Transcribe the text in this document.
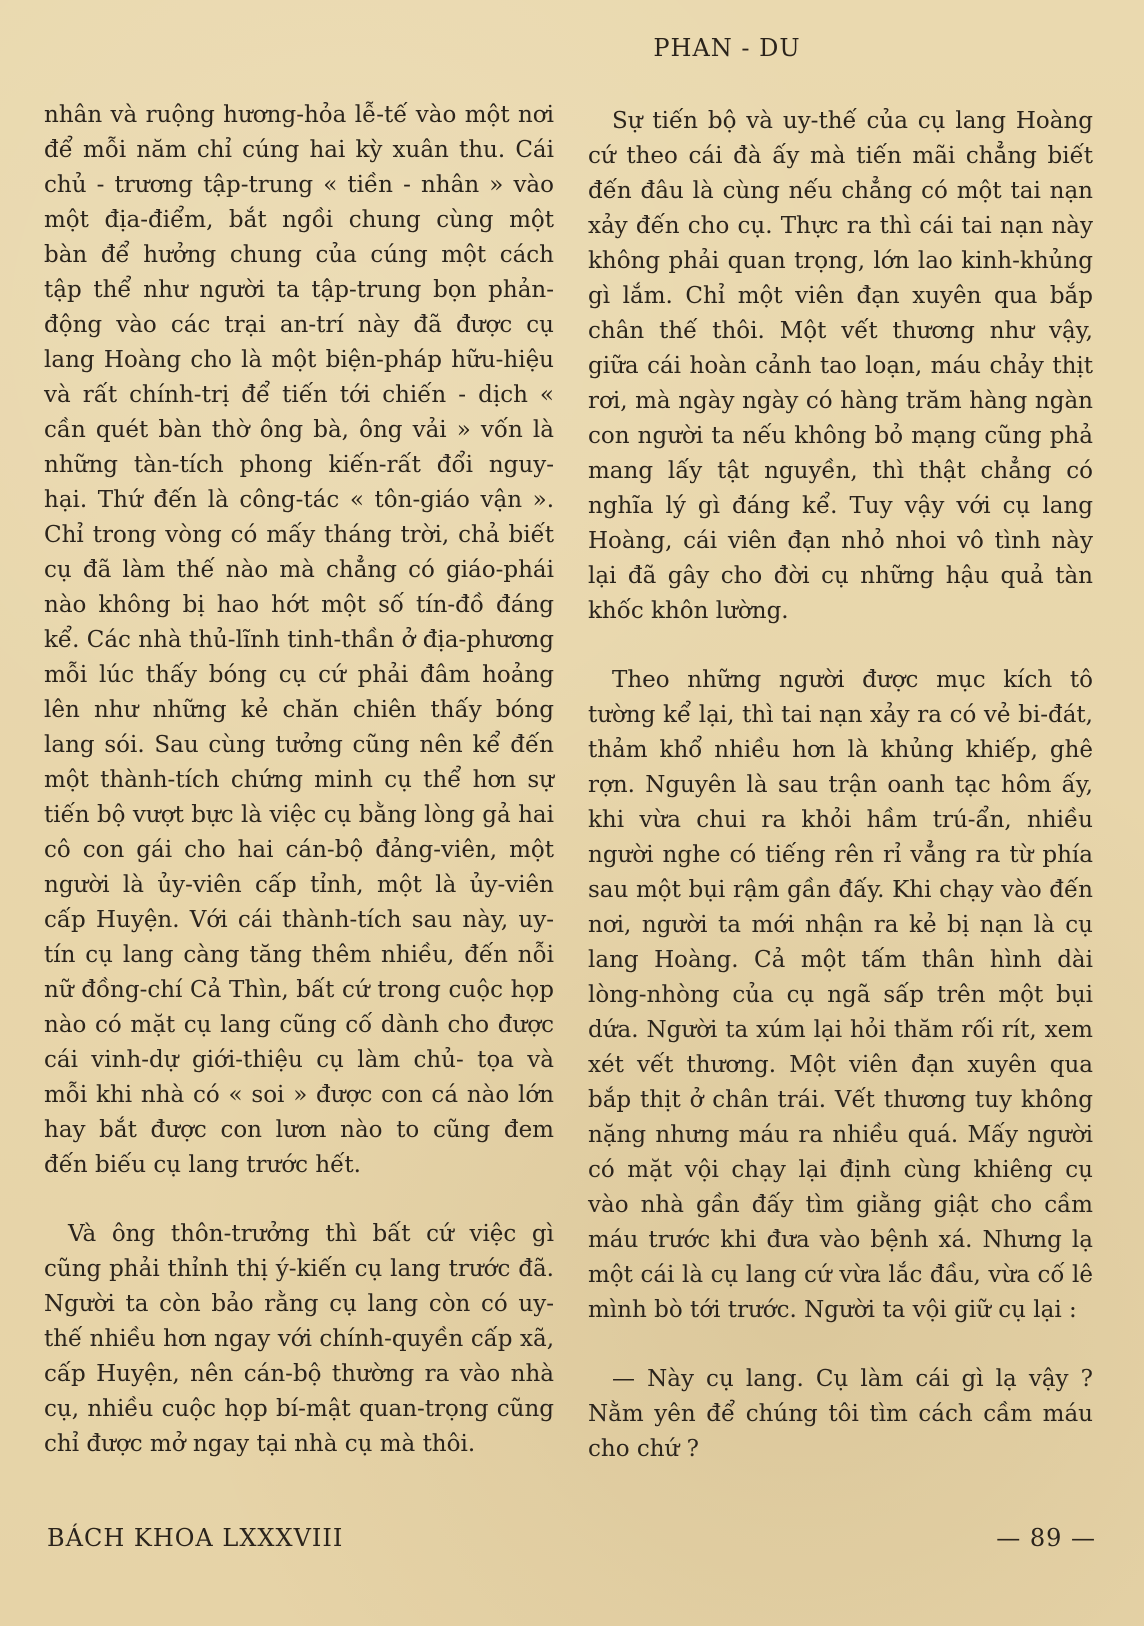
PHAN - DU

nhân và ruộng hương-hỏa lễ-tế vào một nơi để mỗi năm chỉ cúng hai kỳ xuân thu. Cái chủ - trương tập-trung « tiền - nhân » vào một địa-điểm, bắt ngồi chung cùng một bàn để hưởng chung của cúng một cách tập thể như người ta tập-trung bọn phản-động vào các trại an-trí này đã được cụ lang Hoàng cho là một biện-pháp hữu-hiệu và rất chính-trị để tiến tới chiến - dịch « cần quét bàn thờ ông bà, ông vải » vốn là những tàn-tích phong kiến-rất đổi nguy-hại. Thứ đến là công-tác « tôn-giáo vận ». Chỉ trong vòng có mấy tháng trời, chả biết cụ đã làm thế nào mà chẳng có giáo-phái nào không bị hao hớt một số tín-đồ đáng kể. Các nhà thủ-lĩnh tinh-thần ở địa-phương mỗi lúc thấy bóng cụ cứ phải đâm hoảng lên như những kẻ chăn chiên thấy bóng lang sói. Sau cùng tưởng cũng nên kể đến một thành-tích chứng minh cụ thể hơn sự tiến bộ vượt bực là việc cụ bằng lòng gả hai cô con gái cho hai cán-bộ đảng-viên, một người là ủy-viên cấp tỉnh, một là ủy-viên cấp Huyện. Với cái thành-tích sau này, uy-tín cụ lang càng tăng thêm nhiều, đến nỗi nữ đồng-chí Cả Thìn, bất cứ trong cuộc họp nào có mặt cụ lang cũng cố dành cho được cái vinh-dự giới-thiệu cụ làm chủ- tọa và mỗi khi nhà có « soi » được con cá nào lớn hay bắt được con lươn nào to cũng đem đến biếu cụ lang trước hết.

Và ông thôn-trưởng thì bất cứ việc gì cũng phải thỉnh thị ý-kiến cụ lang trước đã. Người ta còn bảo rằng cụ lang còn có uy-thế nhiều hơn ngay với chính-quyền cấp xã, cấp Huyện, nên cán-bộ thường ra vào nhà cụ, nhiều cuộc họp bí-mật quan-trọng cũng chỉ được mở ngay tại nhà cụ mà thôi.

Sự tiến bộ và uy-thế của cụ lang Hoàng cứ theo cái đà ấy mà tiến mãi chẳng biết đến đâu là cùng nếu chẳng có một tai nạn xảy đến cho cụ. Thực ra thì cái tai nạn này không phải quan trọng, lớn lao kinh-khủng gì lắm. Chỉ một viên đạn xuyên qua bắp chân thế thôi. Một vết thương như vậy, giữa cái hoàn cảnh tao loạn, máu chảy thịt rơi, mà ngày ngày có hàng trăm hàng ngàn con người ta nếu không bỏ mạng cũng phả mang lấy tật nguyền, thì thật chẳng có nghĩa lý gì đáng kể. Tuy vậy với cụ lang Hoàng, cái viên đạn nhỏ nhoi vô tình này lại đã gây cho đời cụ những hậu quả tàn khốc khôn lường.

Theo những người được mục kích tô tường kể lại, thì tai nạn xảy ra có vẻ bi-đát, thảm khổ nhiều hơn là khủng khiếp, ghê rợn. Nguyên là sau trận oanh tạc hôm ấy, khi vừa chui ra khỏi hầm trú-ẩn, nhiều người nghe có tiếng rên rỉ vẳng ra từ phía sau một bụi rậm gần đấy. Khi chạy vào đến nơi, người ta mới nhận ra kẻ bị nạn là cụ lang Hoàng. Cả một tấm thân hình dài lòng-nhòng của cụ ngã sấp trên một bụi dứa. Người ta xúm lại hỏi thăm rối rít, xem xét vết thương. Một viên đạn xuyên qua bắp thịt ở chân trái. Vết thương tuy không nặng nhưng máu ra nhiều quá. Mấy người có mặt vội chạy lại định cùng khiêng cụ vào nhà gần đấy tìm giằng giật cho cầm máu trước khi đưa vào bệnh xá. Nhưng lạ một cái là cụ lang cứ vừa lắc đầu, vừa cố lê mình bò tới trước. Người ta vội giữ cụ lại :

— Này cụ lang. Cụ làm cái gì lạ vậy ? Nằm yên để chúng tôi tìm cách cầm máu cho chứ ?

BÁCH KHOA LXXXVIII	— 89 —
